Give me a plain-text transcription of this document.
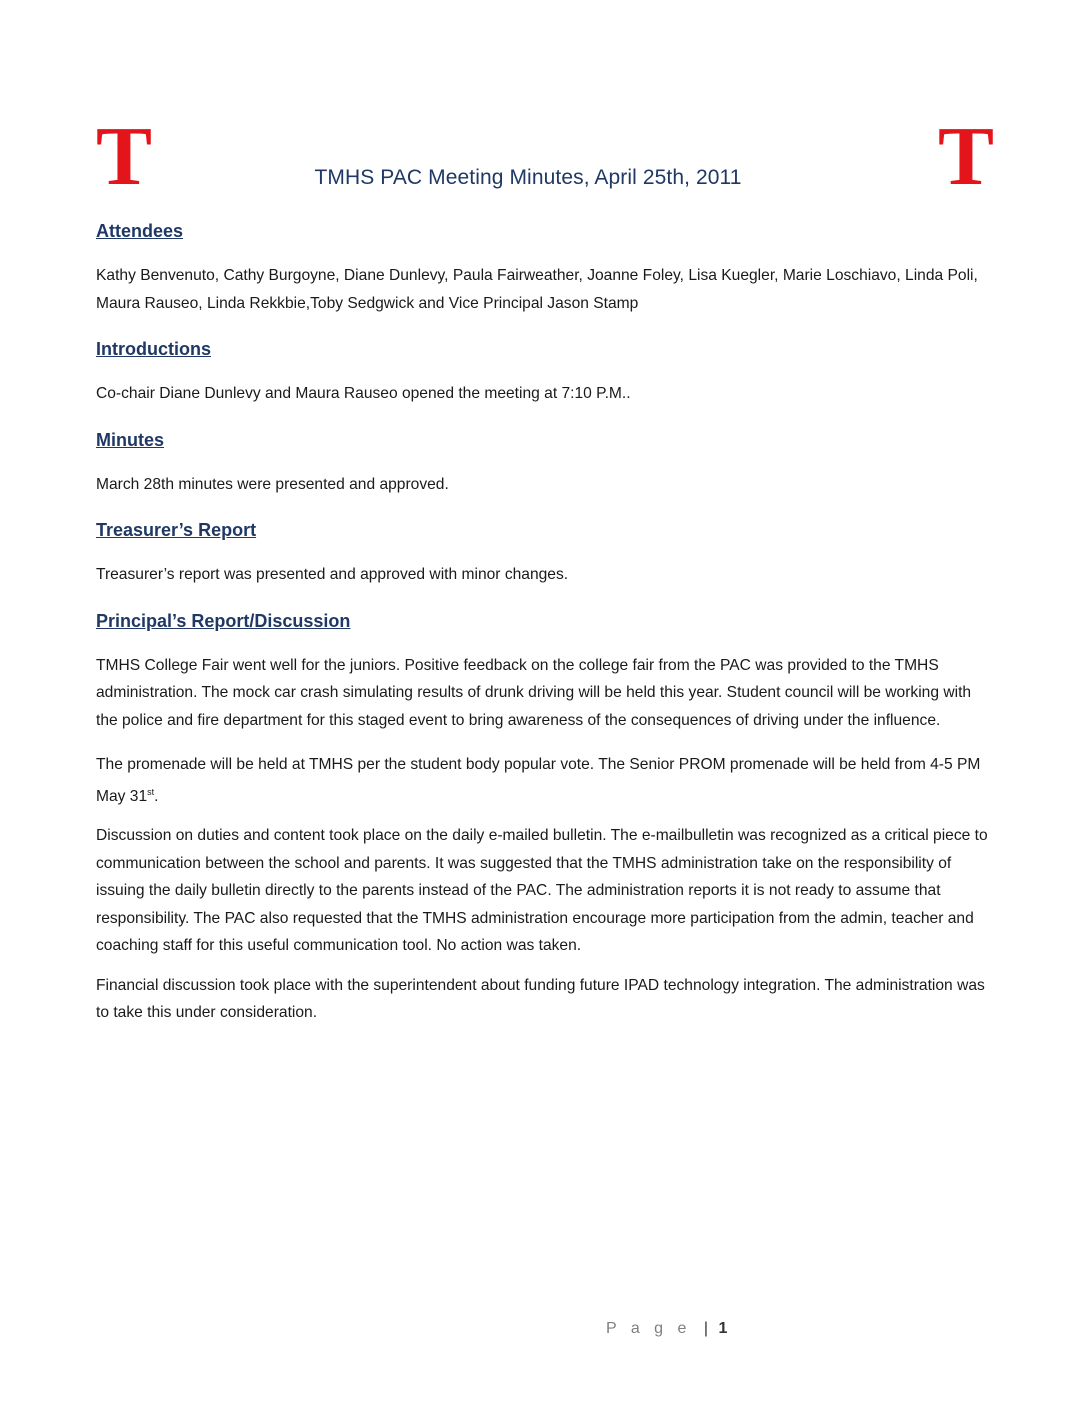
T	T
TMHS PAC Meeting Minutes, April 25th, 2011
Attendees

Kathy Benvenuto, Cathy Burgoyne, Diane Dunlevy, Paula Fairweather, Joanne Foley, Lisa Kuegler, Marie Loschiavo, Linda Poli, Maura Rauseo, Linda Rekkbie,Toby Sedgwick and Vice Principal Jason Stamp

Introductions

Co-chair Diane Dunlevy and Maura Rauseo opened the meeting at 7:10 P.M..

Minutes

March 28th minutes were presented and approved.

Treasurer’s Report

Treasurer’s report was presented and approved with minor changes.

Principal’s Report/Discussion

TMHS College Fair went well for the juniors. Positive feedback on the college fair from the PAC was provided to the TMHS administration. The mock car crash simulating results of drunk driving will be held this year. Student council will be working with the police and fire department for this staged event to bring awareness of the consequences of driving under the influence.

The promenade will be held at TMHS per the student body popular vote. The Senior PROM promenade will be held from 4-5 PM May 31st.

Discussion on duties and content took place on the daily e-mailed bulletin. The e-mailbulletin was recognized as a critical piece to communication between the school and parents. It was suggested that the TMHS administration take on the responsibility of issuing the daily bulletin directly to the parents instead of the PAC. The administration reports it is not ready to assume that responsibility. The PAC also requested that the TMHS administration encourage more participation from the admin, teacher and coaching staff for this useful communication tool. No action was taken.

Financial discussion took place with the superintendent about funding future IPAD technology integration. The administration was to take this under consideration.

P a g e | 1
